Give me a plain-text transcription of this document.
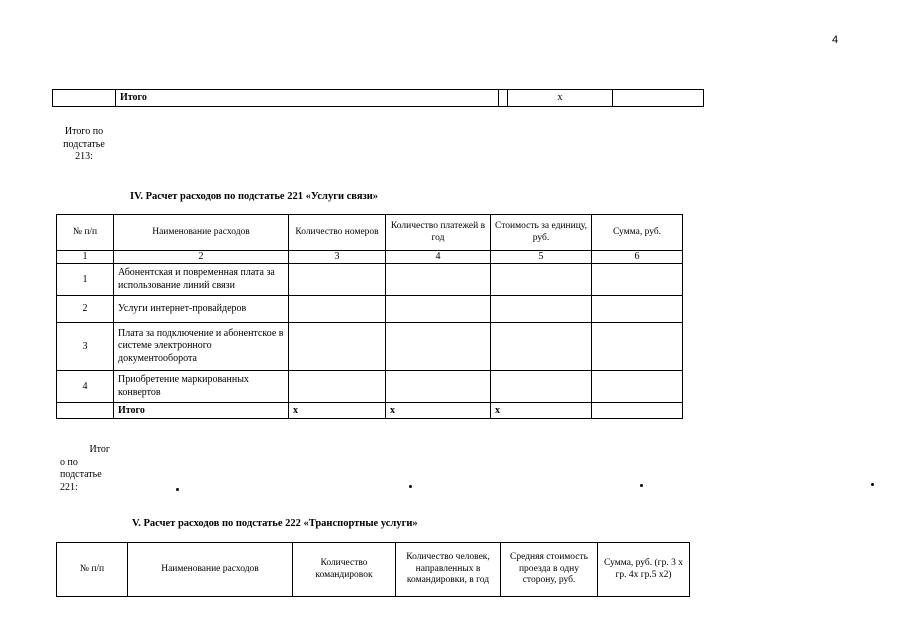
4
	Итого		x	
Итого по
подстатье
213:
IV. Расчет расходов по подстатье 221 «Услуги связи»
№ п/п	Наименование расходов	Количество номеров	Количество платежей в год	Стоимость за единицу, руб.	Сумма, руб.
1	2	3	4	5	6
1	Абонентская и повременная плата за использование линий связи				
2	Услуги интернет-провайдеров				
3	Плата за подключение и абонентское в системе электронного документооборота				
4	Приобретение маркированных конвертов				
	Итого	x	x	x	
Итог
о по
подстатье
221:
V. Расчет расходов по подстатье 222 «Транспортные услуги»
№ п/п	Наименование расходов	Количество командировок	Количество человек, направленных в командировки, в год	Средняя стоимость проезда в одну сторону, руб.	Сумма, руб. (гр. 3 х гр. 4х гр.5 х2)
